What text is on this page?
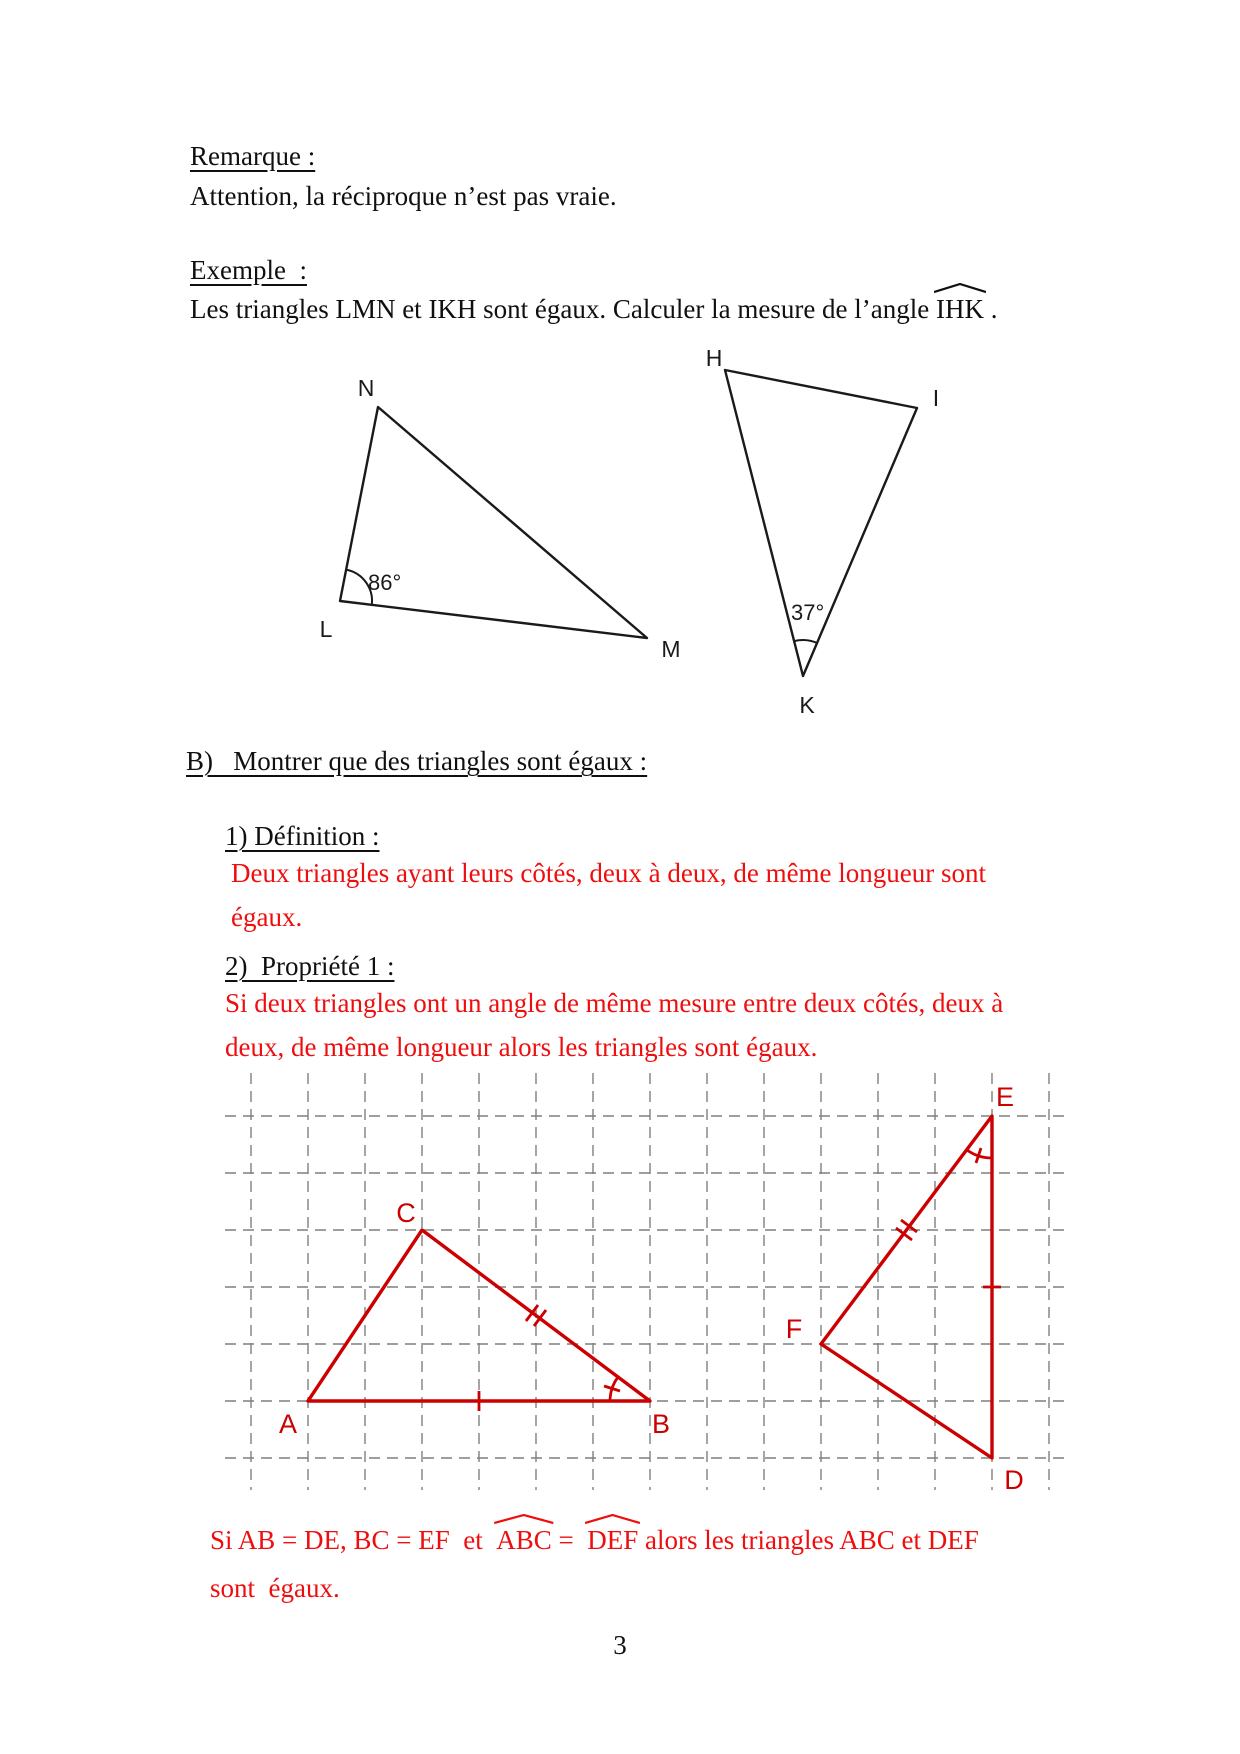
Remarque :
Attention, la réciproque n’est pas vraie.
Exemple  :
Les triangles LMN et IKH sont égaux. Calculer la mesure de l’angle
IHK .
N
L
M
H
I
K
86°
37°
B)   Montrer que des triangles sont égaux :
1) Définition :
Deux triangles ayant leurs côtés, deux à deux, de même longueur sont
égaux.
2)  Propriété 1 :
Si deux triangles ont un angle de même mesure entre deux côtés, deux à
deux, de même longueur alors les triangles sont égaux.
A	B
C
D
E
F
Si AB = DE, BC = EF  et
ABC =
DEF alors les triangles ABC et DEF
sont  égaux.
3
